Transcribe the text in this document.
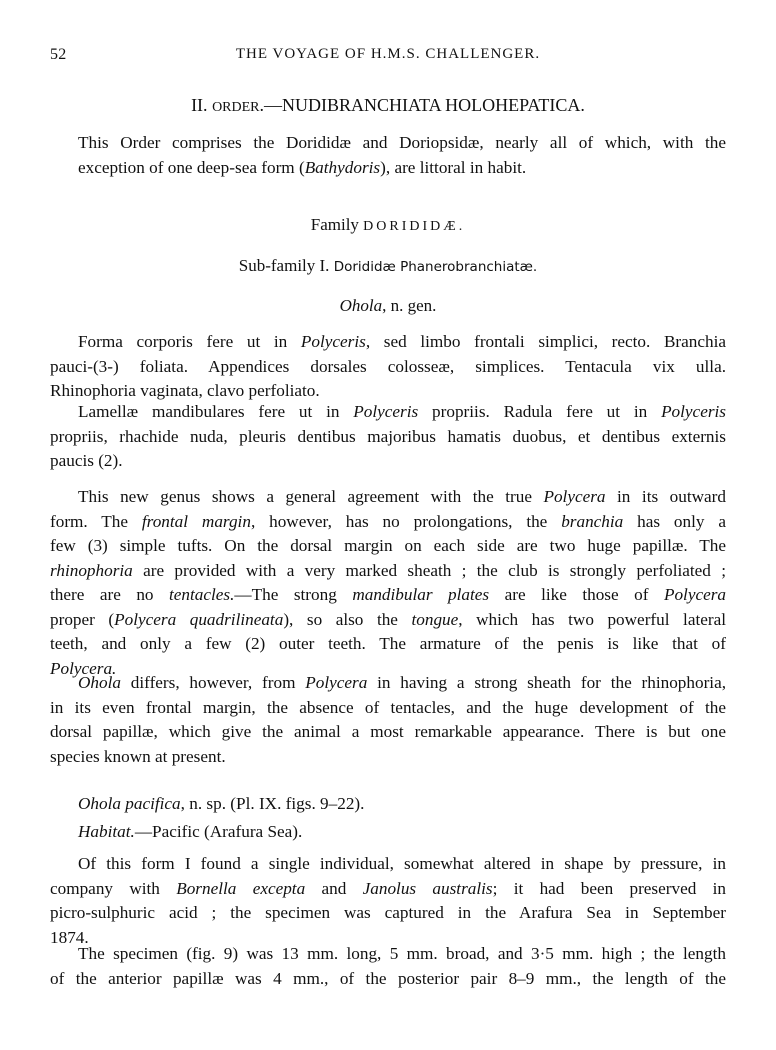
52	THE VOYAGE OF H.M.S. CHALLENGER.
II. ORDER.—NUDIBRANCHIATA HOLOHEPATICA.

This Order comprises the Dorididæ and Doriopsidæ, nearly all of which, with the
exception of one deep-sea form (Bathydoris), are littoral in habit.

Family DORIDIDÆ.
Sub-family I. Dorididæ Phanerobranchiatæ.
Ohola, n. gen.

Forma corporis fere ut in Polyceris, sed limbo frontali simplici, recto. Branchia
pauci-(3-) foliata. Appendices dorsales colosseæ, simplices. Tentacula vix ulla.
Rhinophoria vaginata, clavo perfoliato.

Lamellæ mandibulares fere ut in Polyceris propriis. Radula fere ut in Polyceris
propriis, rhachide nuda, pleuris dentibus majoribus hamatis duobus, et dentibus externis
paucis (2).

This new genus shows a general agreement with the true Polycera in its outward
form. The frontal margin, however, has no prolongations, the branchia has only a
few (3) simple tufts. On the dorsal margin on each side are two huge papillæ. The
rhinophoria are provided with a very marked sheath ; the club is strongly perfoliated ;
there are no tentacles.—The strong mandibular plates are like those of Polycera
proper (Polycera quadrilineata), so also the tongue, which has two powerful lateral
teeth, and only a few (2) outer teeth. The armature of the penis is like that of
Polycera.

Ohola differs, however, from Polycera in having a strong sheath for the rhinophoria,
in its even frontal margin, the absence of tentacles, and the huge development of the
dorsal papillæ, which give the animal a most remarkable appearance. There is but one
species known at present.

Ohola pacifica, n. sp. (Pl. IX. figs. 9–22).
Habitat.—Pacific (Arafura Sea).

Of this form I found a single individual, somewhat altered in shape by pressure, in
company with Bornella excepta and Janolus australis; it had been preserved in
picro-sulphuric acid ; the specimen was captured in the Arafura Sea in September
1874.

The specimen (fig. 9) was 13 mm. long, 5 mm. broad, and 3·5 mm. high ; the length
of the anterior papillæ was 4 mm., of the posterior pair 8–9 mm., the length of the
